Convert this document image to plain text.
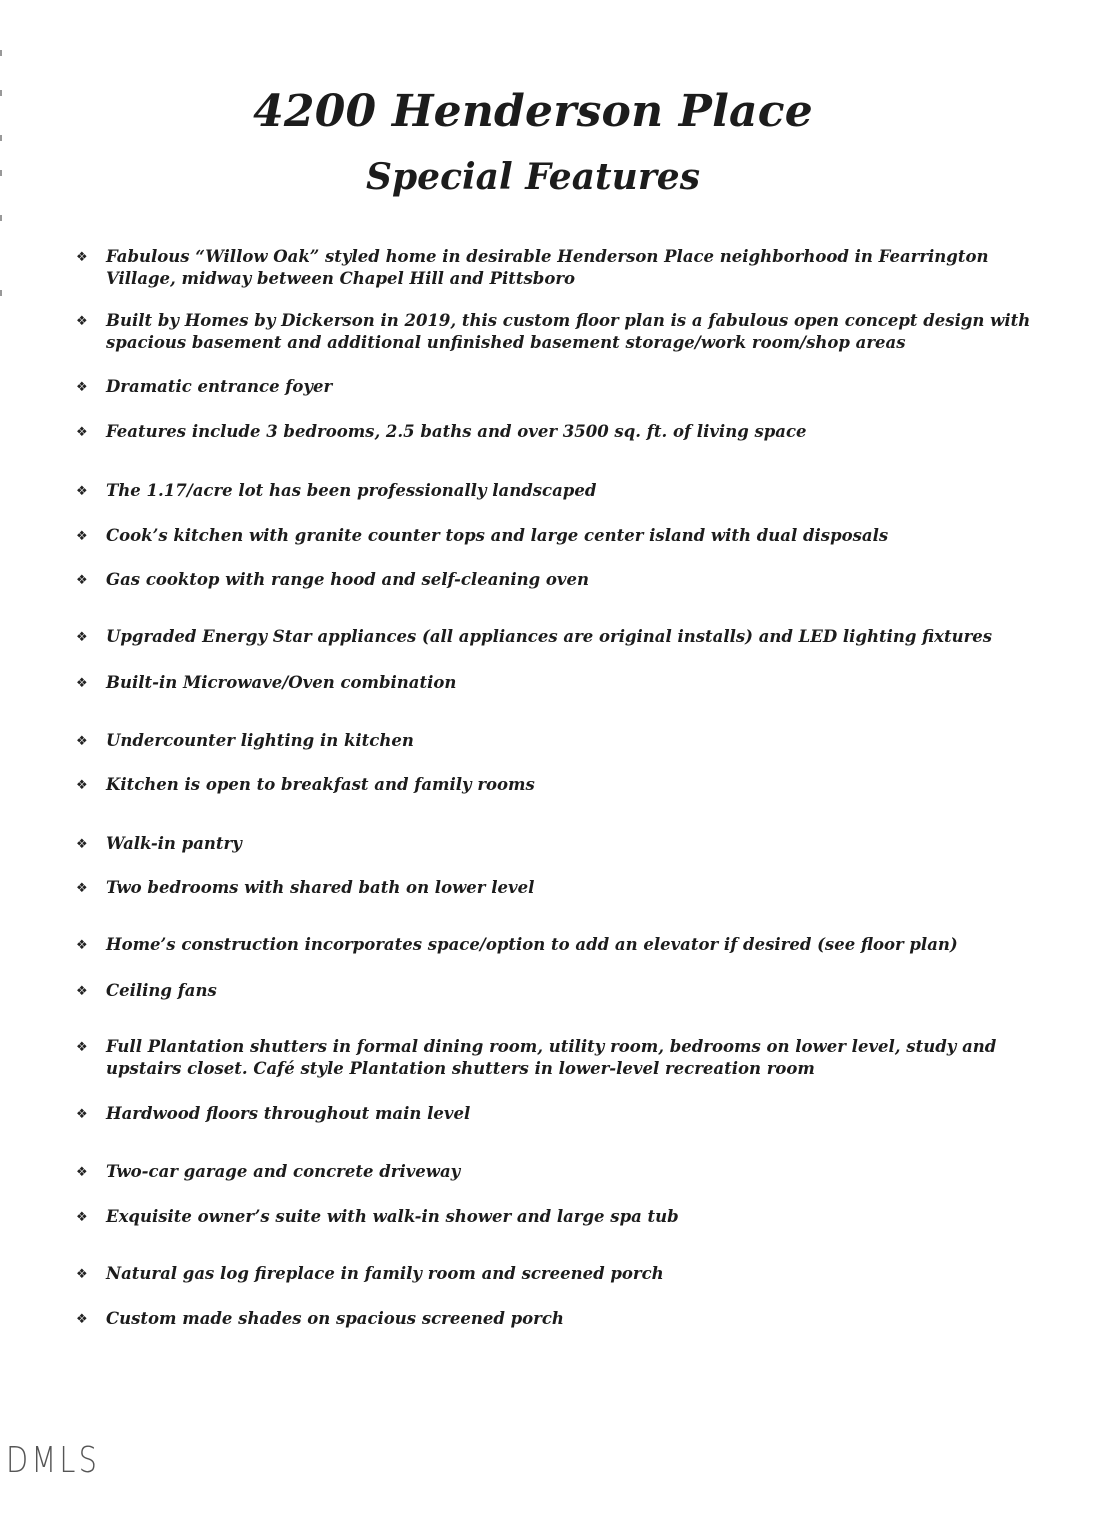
4200 Henderson Place
Special Features
❖	Fabulous “Willow Oak” styled home in desirable Henderson Place neighborhood in Fearrington Village, midway between Chapel Hill and Pittsboro
❖	Built by Homes by Dickerson in 2019, this custom floor plan is a fabulous open concept design with spacious basement and additional unfinished basement storage/work room/shop areas
❖	Dramatic entrance foyer
❖	Features include 3 bedrooms, 2.5 baths and over 3500 sq. ft. of living space
❖	The 1.17/acre lot has been professionally landscaped
❖	Cook’s kitchen with granite counter tops and large center island with dual disposals
❖	Gas cooktop with range hood and self-cleaning oven
❖	Upgraded Energy Star appliances (all appliances are original installs) and LED lighting fixtures
❖	Built-in Microwave/Oven combination
❖	Undercounter lighting in kitchen
❖	Kitchen is open to breakfast and family rooms
❖	Walk-in pantry
❖	Two bedrooms with shared bath on lower level
❖	Home’s construction incorporates space/option to add an elevator if desired (see floor plan)
❖	Ceiling fans
❖	Full Plantation shutters in formal dining room, utility room, bedrooms on lower level, study and upstairs closet. Café style Plantation shutters in lower-level recreation room
❖	Hardwood floors throughout main level
❖	Two-car garage and concrete driveway
❖	Exquisite owner’s suite with walk-in shower and large spa tub
❖	Natural gas log fireplace in family room and screened porch
❖	Custom made shades on spacious screened porch
DMLS
